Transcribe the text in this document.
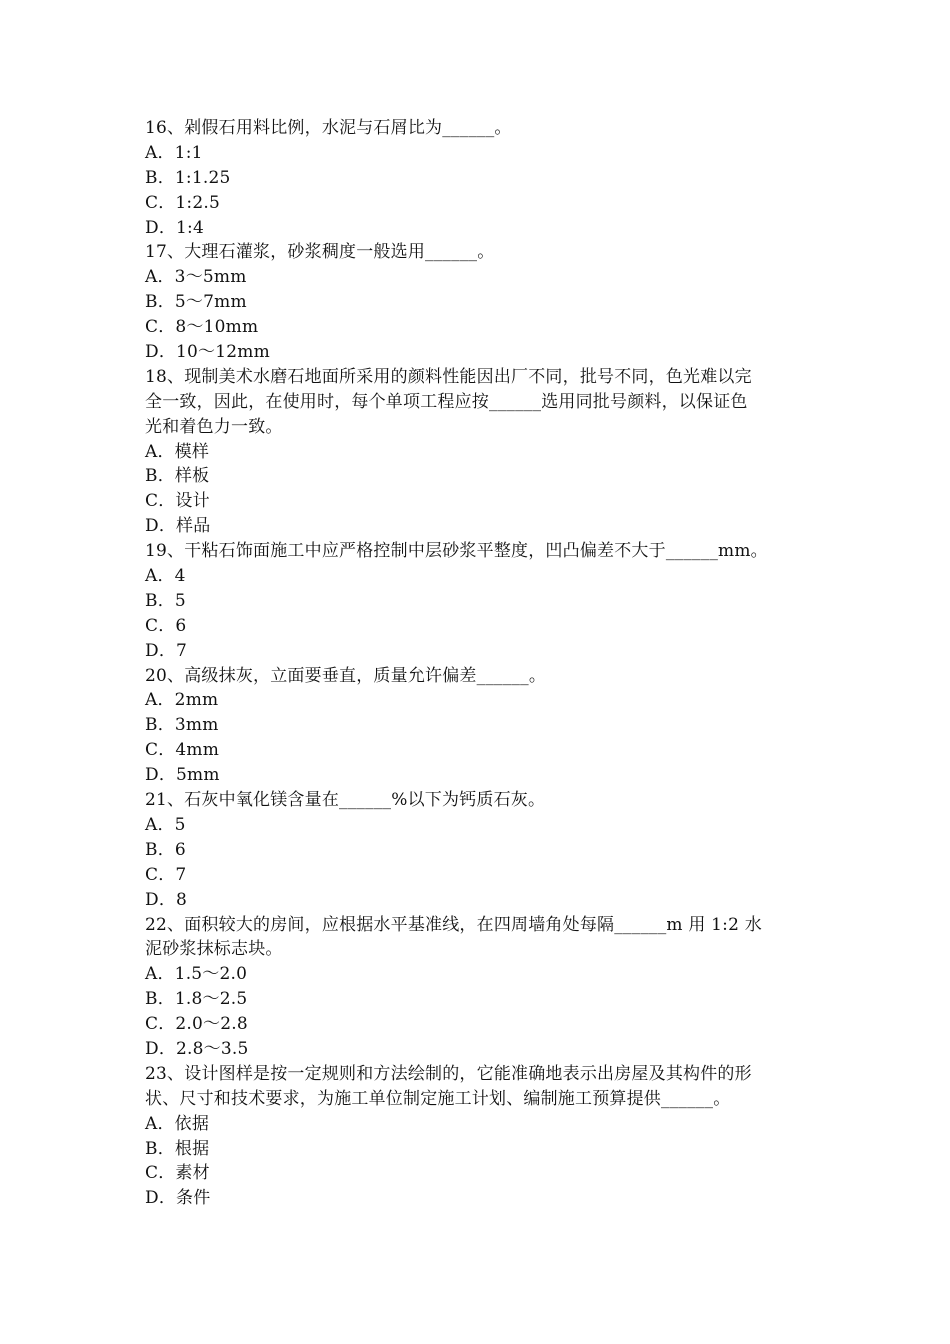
16、剁假石用料比例，水泥与石屑比为______。
A．1:1
B．1:1.25
C．1:2.5
D．1:4
17、大理石灌浆，砂浆稠度一般选用______。
A．3～5mm
B．5～7mm
C．8～10mm
D．10～12mm
18、现制美术水磨石地面所采用的颜料性能因出厂不同，批号不同，色光难以完
全一致，因此，在使用时，每个单项工程应按______选用同批号颜料，以保证色
光和着色力一致。
A．模样
B．样板
C．设计
D．样品
19、干粘石饰面施工中应严格控制中层砂浆平整度，凹凸偏差不大于______mm。
A．4
B．5
C．6
D．7
20、高级抹灰，立面要垂直，质量允许偏差______。
A．2mm
B．3mm
C．4mm
D．5mm
21、石灰中氧化镁含量在______%以下为钙质石灰。
A．5
B．6
C．7
D．8
22、面积较大的房间，应根据水平基准线，在四周墙角处每隔______m 用 1:2 水
泥砂浆抹标志块。
A．1.5～2.0
B．1.8～2.5
C．2.0～2.8
D．2.8～3.5
23、设计图样是按一定规则和方法绘制的，它能准确地表示出房屋及其构件的形
状、尺寸和技术要求，为施工单位制定施工计划、编制施工预算提供______。
A．依据
B．根据
C．素材
D．条件
